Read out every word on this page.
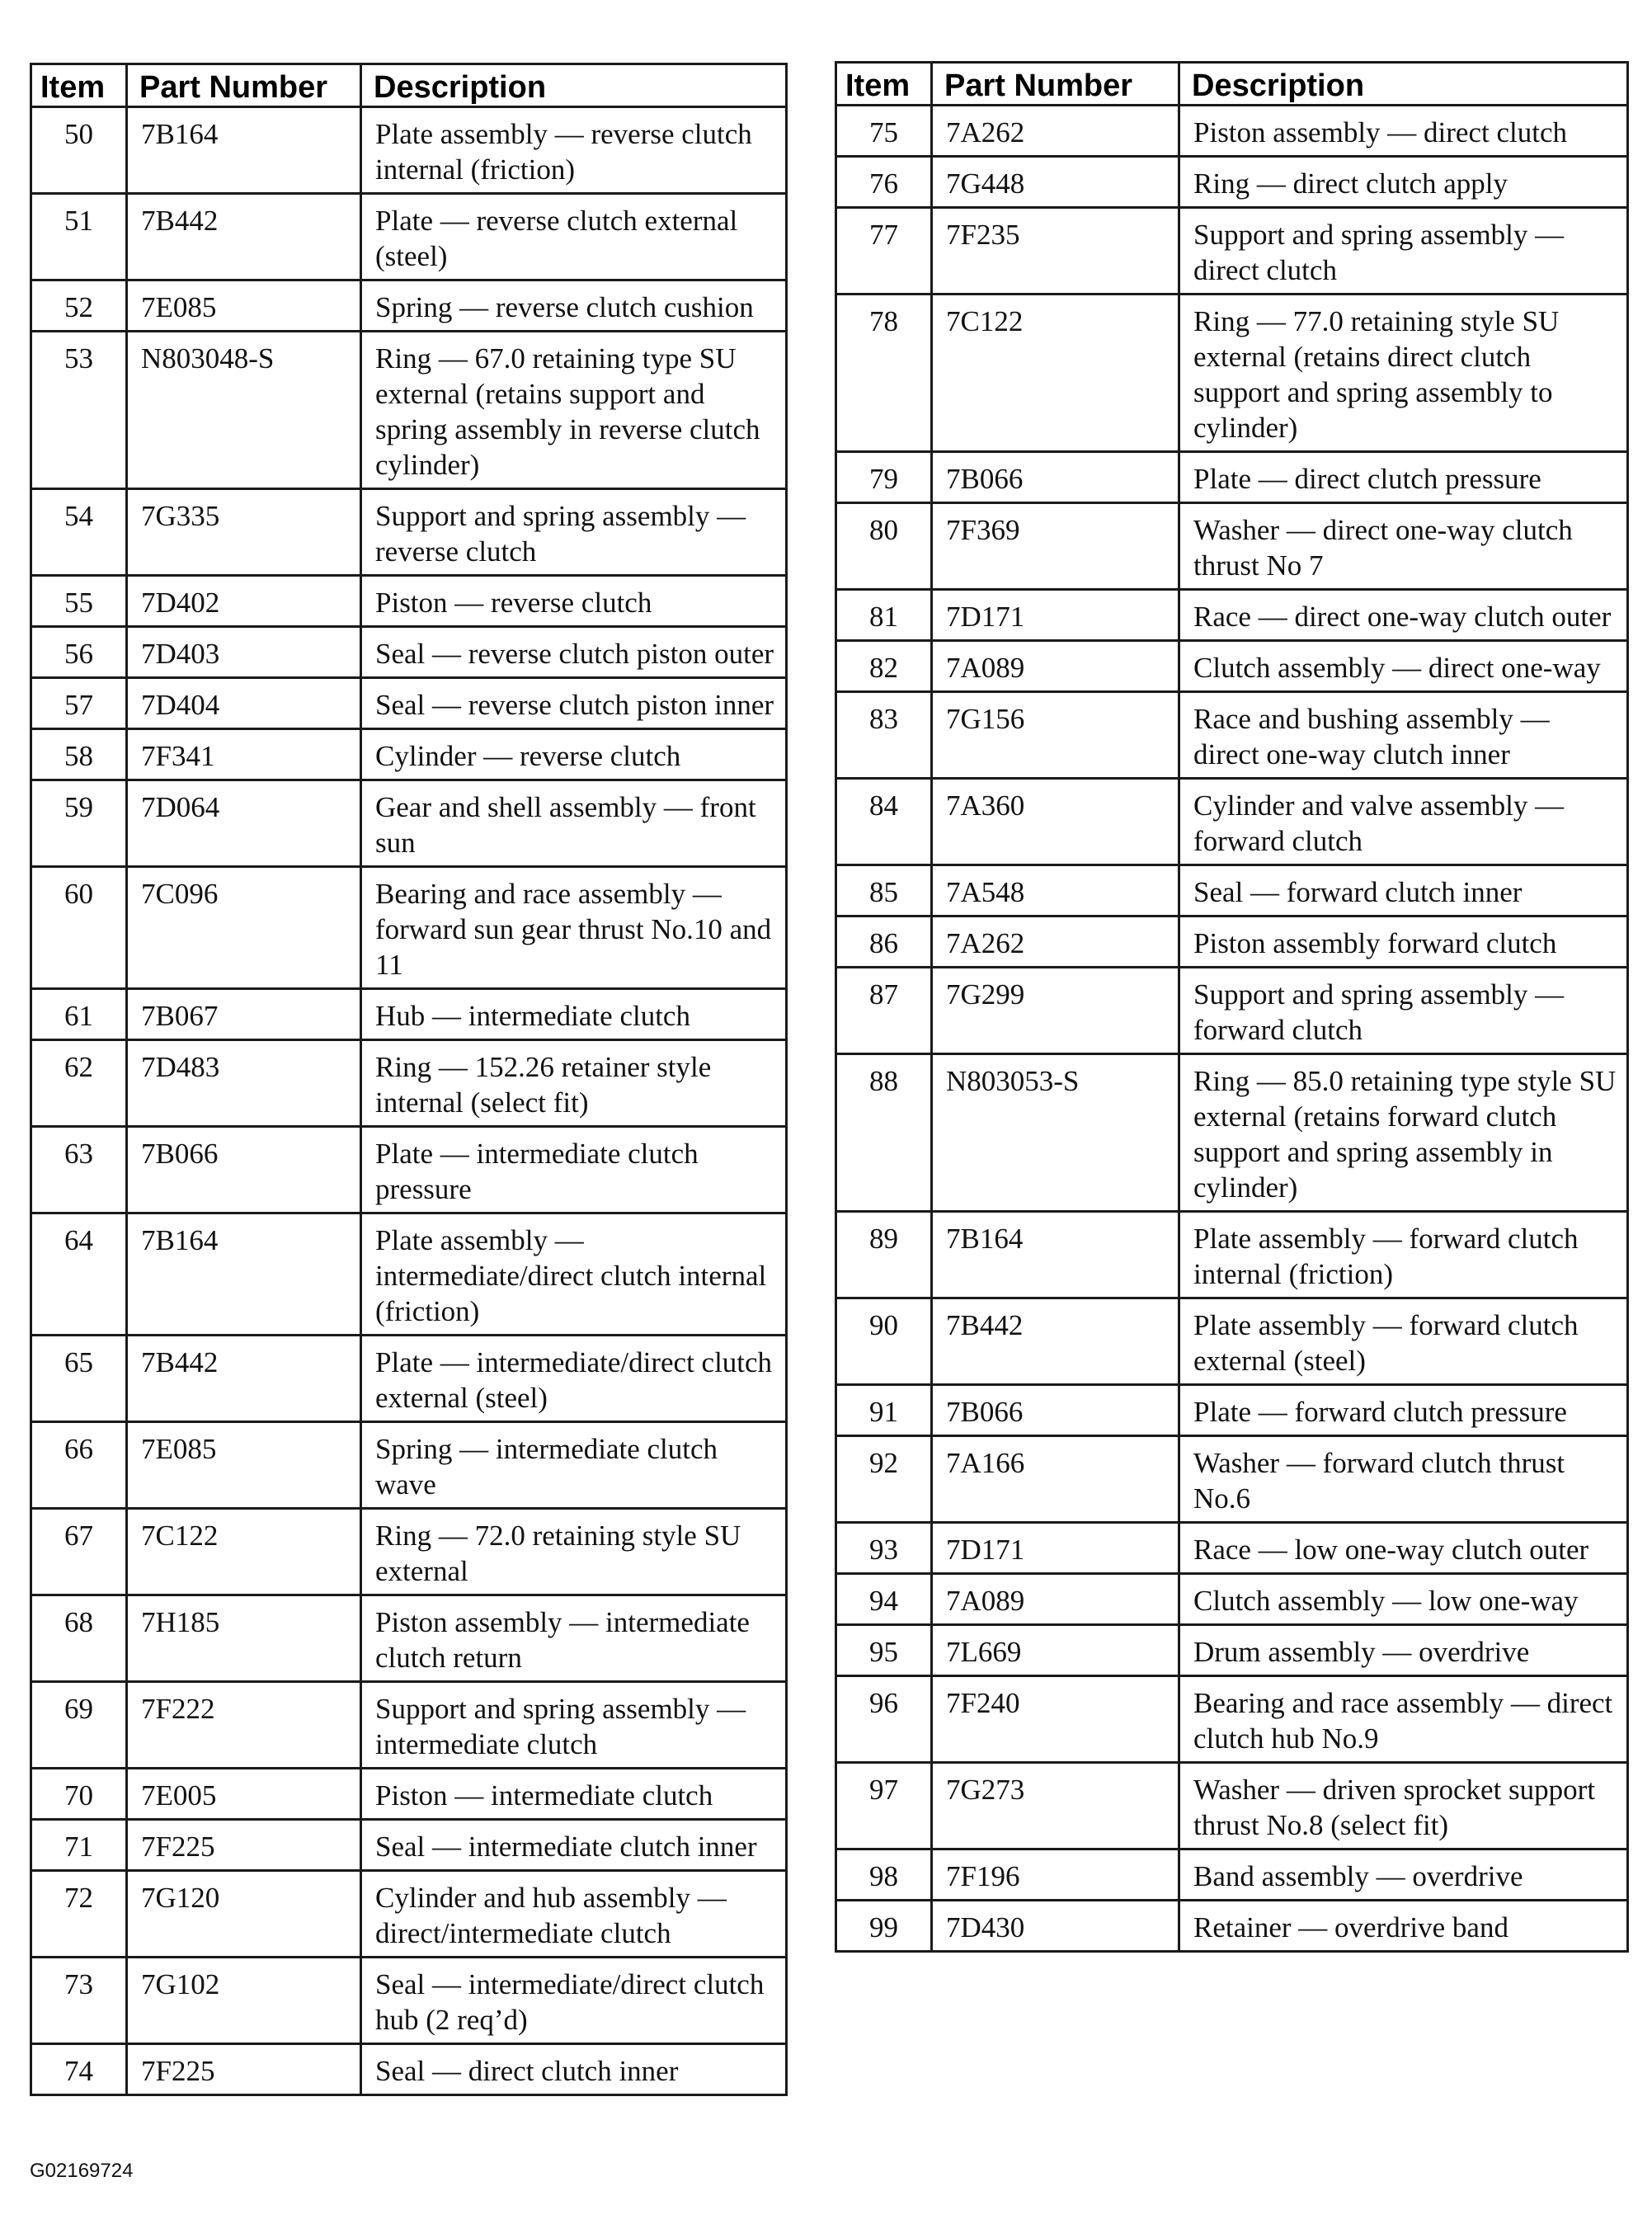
Item	Part Number	Description
50	7B164	Plate assembly — reverse clutch internal (friction)
51	7B442	Plate — reverse clutch external (steel)
52	7E085	Spring — reverse clutch cushion
53	N803048-S	Ring — 67.0 retaining type SU external (retains support and spring assembly in reverse clutch cylinder)
54	7G335	Support and spring assembly — reverse clutch
55	7D402	Piston — reverse clutch
56	7D403	Seal — reverse clutch piston outer
57	7D404	Seal — reverse clutch piston inner
58	7F341	Cylinder — reverse clutch
59	7D064	Gear and shell assembly — front sun
60	7C096	Bearing and race assembly — forward sun gear thrust No.10 and 11
61	7B067	Hub — intermediate clutch
62	7D483	Ring — 152.26 retainer style internal (select fit)
63	7B066	Plate — intermediate clutch pressure
64	7B164	Plate assembly — intermediate/direct clutch internal (friction)
65	7B442	Plate — intermediate/direct clutch external (steel)
66	7E085	Spring — intermediate clutch wave
67	7C122	Ring — 72.0 retaining style SU external
68	7H185	Piston assembly — intermediate clutch return
69	7F222	Support and spring assembly — intermediate clutch
70	7E005	Piston — intermediate clutch
71	7F225	Seal — intermediate clutch inner
72	7G120	Cylinder and hub assembly — direct/intermediate clutch
73	7G102	Seal — intermediate/direct clutch hub (2 req’d)
74	7F225	Seal — direct clutch inner
Item	Part Number	Description
75	7A262	Piston assembly — direct clutch
76	7G448	Ring — direct clutch apply
77	7F235	Support and spring assembly — direct clutch
78	7C122	Ring — 77.0 retaining style SU external (retains direct clutch support and spring assembly to cylinder)
79	7B066	Plate — direct clutch pressure
80	7F369	Washer — direct one-way clutch thrust No 7
81	7D171	Race — direct one-way clutch outer
82	7A089	Clutch assembly — direct one-way
83	7G156	Race and bushing assembly — direct one-way clutch inner
84	7A360	Cylinder and valve assembly — forward clutch
85	7A548	Seal — forward clutch inner
86	7A262	Piston assembly forward clutch
87	7G299	Support and spring assembly — forward clutch
88	N803053-S	Ring — 85.0 retaining type style SU external (retains forward clutch support and spring assembly in cylinder)
89	7B164	Plate assembly — forward clutch internal (friction)
90	7B442	Plate assembly — forward clutch external (steel)
91	7B066	Plate — forward clutch pressure
92	7A166	Washer — forward clutch thrust No.6
93	7D171	Race — low one-way clutch outer
94	7A089	Clutch assembly — low one-way
95	7L669	Drum assembly — overdrive
96	7F240	Bearing and race assembly — direct clutch hub No.9
97	7G273	Washer — driven sprocket support thrust No.8 (select fit)
98	7F196	Band assembly — overdrive
99	7D430	Retainer — overdrive band
G02169724
